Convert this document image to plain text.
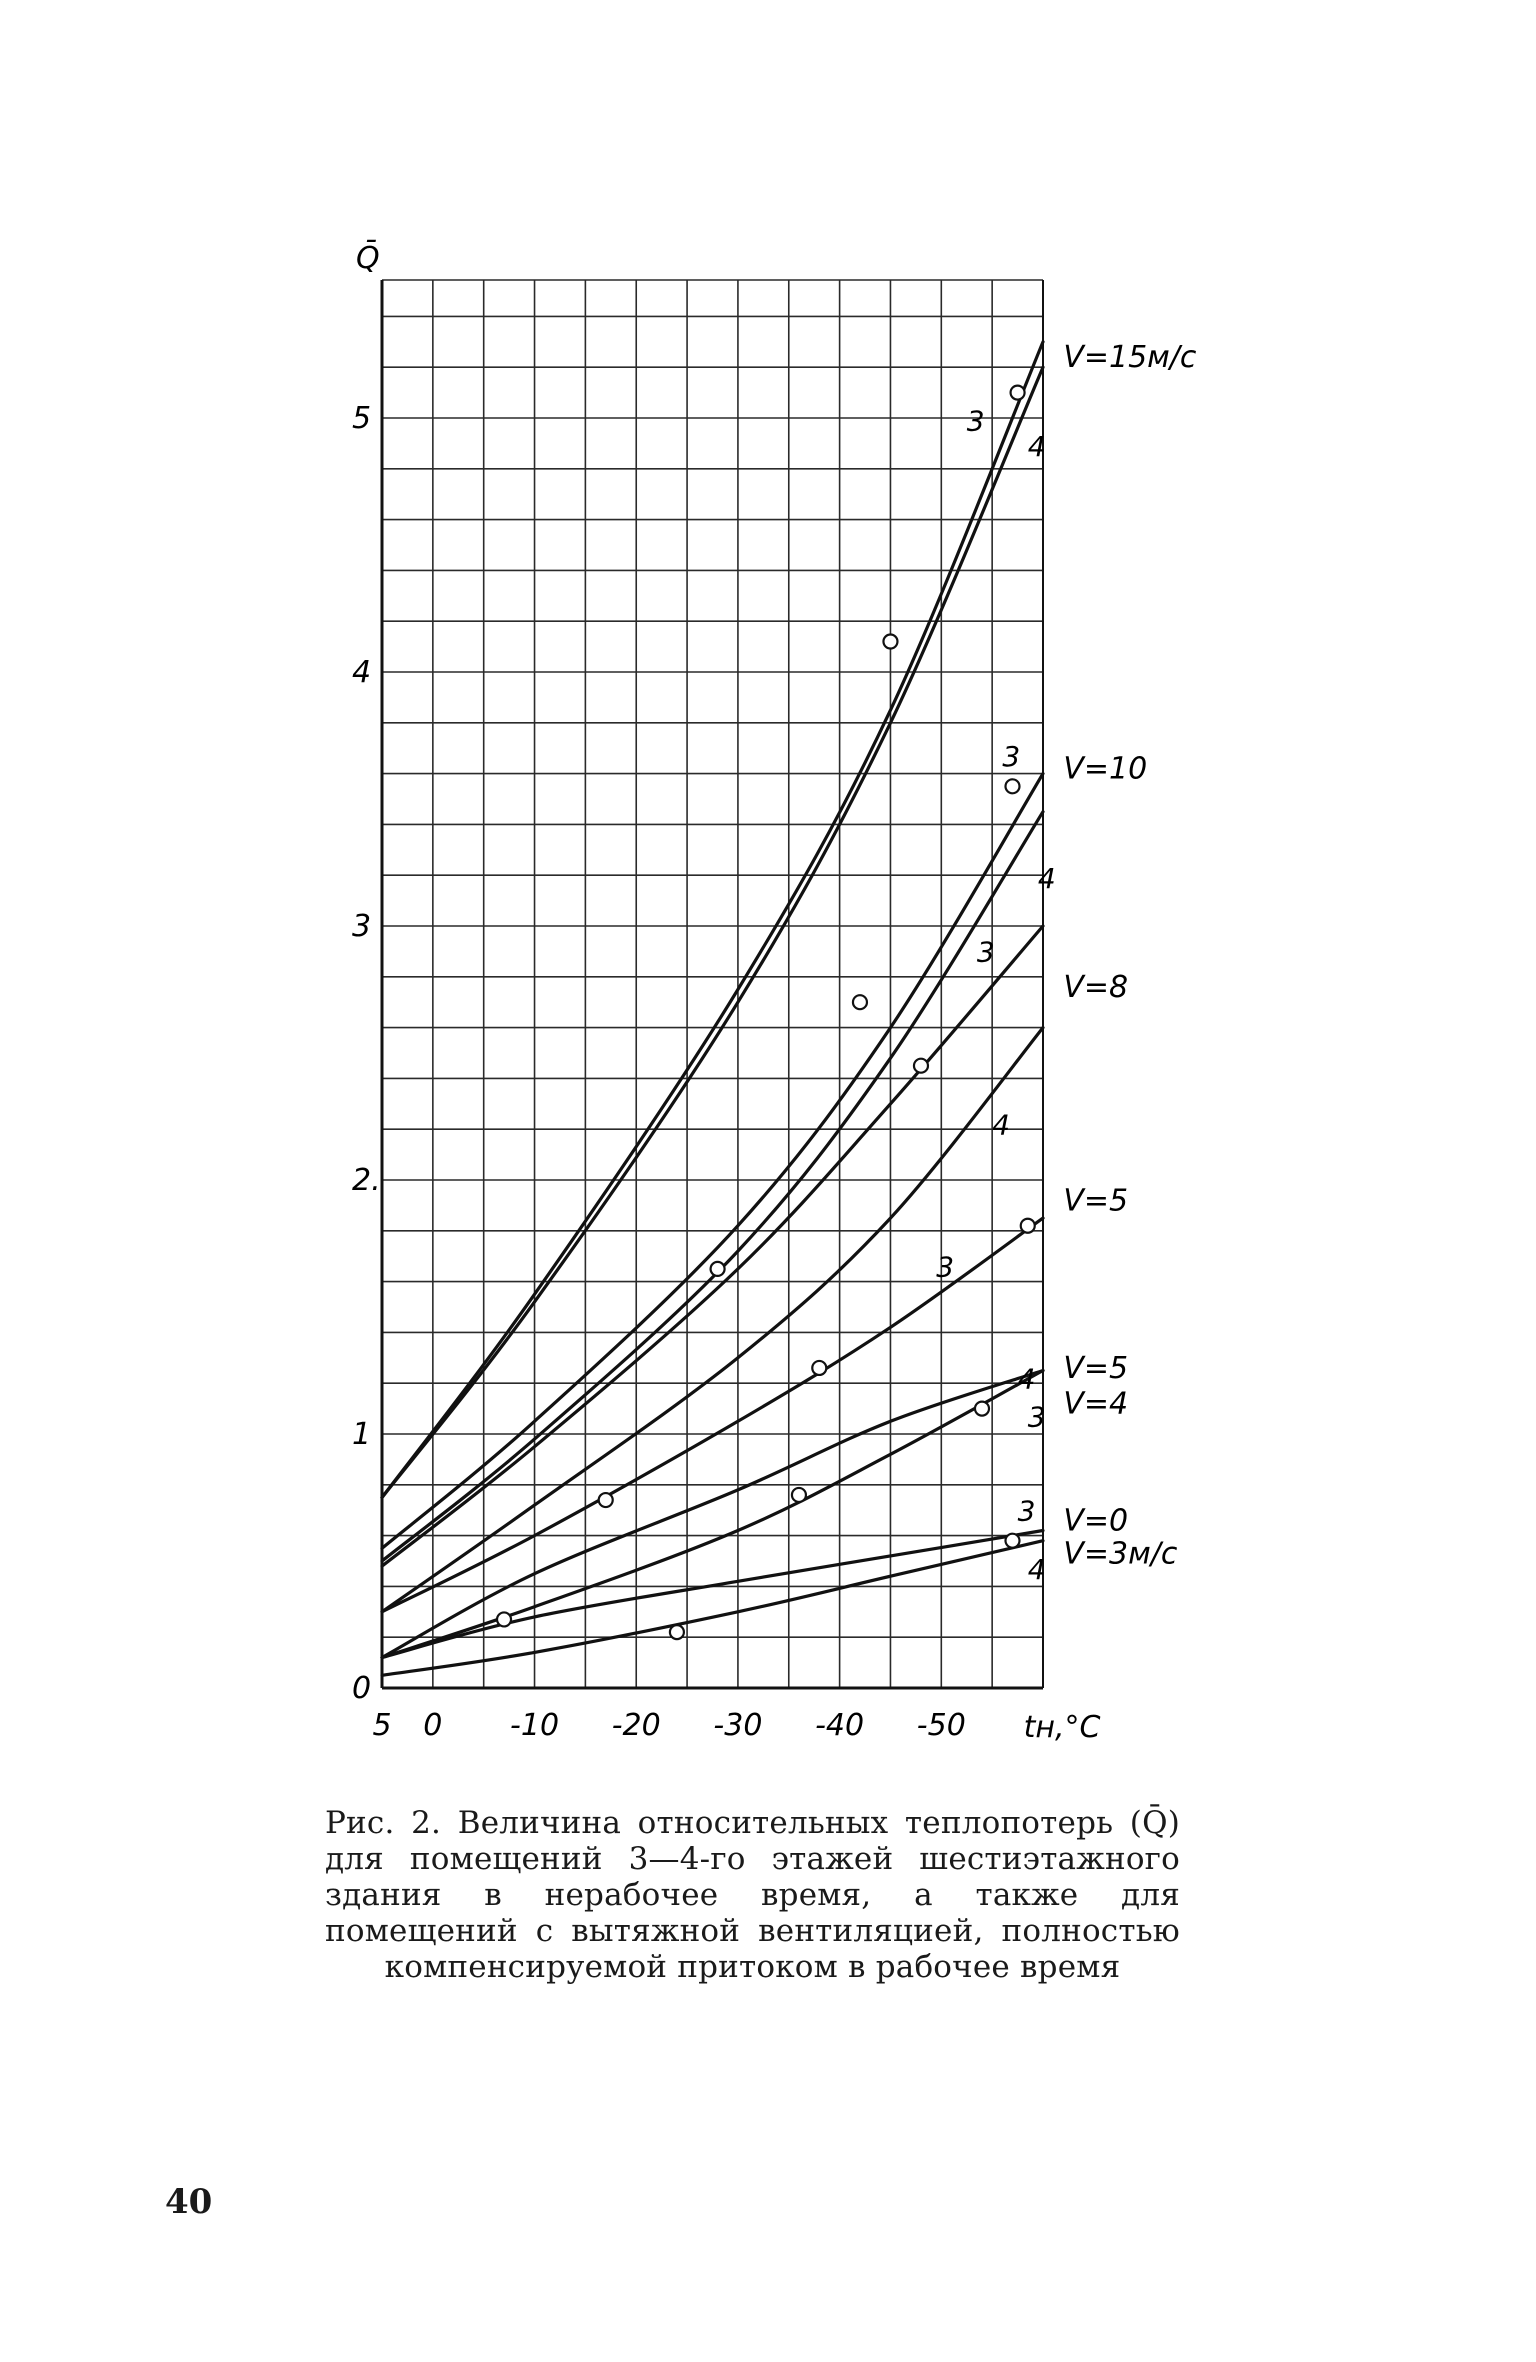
Q̄
0
1
2.
3
4
5
5 0 -10 -20 -30 -40 -50 tн,°C
V=15м/с
3
4
3 V=10
4
3
V=8
4
V=5
3
4 V=5
V=4
3
3 V=0
4 V=3м/с
Рис. 2. Величина относительных теплопотерь (Q̄) для помещений 3—4-го этажей шестиэтажного здания в нерабочее время, а также для помещений с вытяжной вентиляцией, полностью компенсируемой притоком в рабочее время
40
